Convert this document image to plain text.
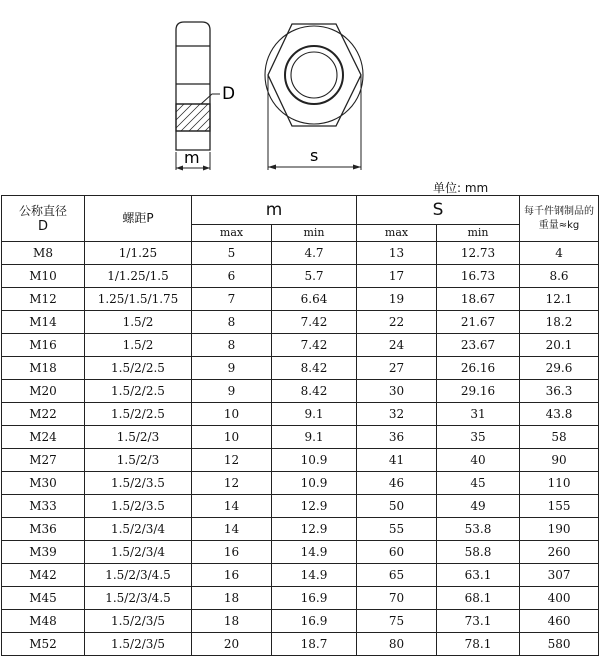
D
m	s
单位: mm
公称直径
D	螺距P	m		S		每千件钢制品的重量≈kg
		max	min	max	min	
M8	1/1.25	5	4.7	13	12.73	4
M10	1/1.25/1.5	6	5.7	17	16.73	8.6
M12	1.25/1.5/1.75	7	6.64	19	18.67	12.1
M14	1.5/2	8	7.42	22	21.67	18.2
M16	1.5/2	8	7.42	24	23.67	20.1
M18	1.5/2/2.5	9	8.42	27	26.16	29.6
M20	1.5/2/2.5	9	8.42	30	29.16	36.3
M22	1.5/2/2.5	10	9.1	32	31	43.8
M24	1.5/2/3	10	9.1	36	35	58
M27	1.5/2/3	12	10.9	41	40	90
M30	1.5/2/3.5	12	10.9	46	45	110
M33	1.5/2/3.5	14	12.9	50	49	155
M36	1.5/2/3/4	14	12.9	55	53.8	190
M39	1.5/2/3/4	16	14.9	60	58.8	260
M42	1.5/2/3/4.5	16	14.9	65	63.1	307
M45	1.5/2/3/4.5	18	16.9	70	68.1	400
M48	1.5/2/3/5	18	16.9	75	73.1	460
M52	1.5/2/3/5	20	18.7	80	78.1	580
